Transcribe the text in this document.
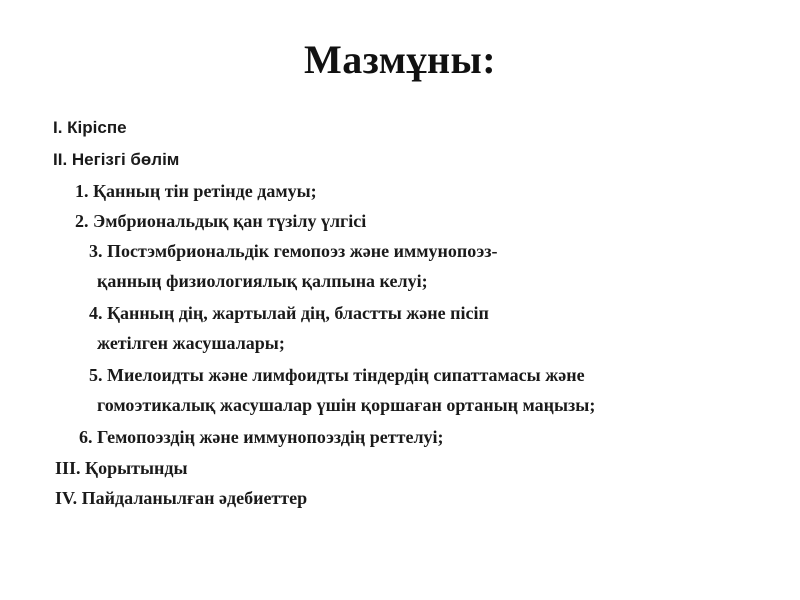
Мазмұны:
I. Кіріспе
II. Негізгі бөлім
1. Қанның тін ретінде дамуы;
2. Эмбриональдық қан түзілу үлгісі
3. Постэмбриональдік гемопоэз және иммунопоэз-
қанның физиологиялық қалпына келуі;
4. Қанның дің, жартылай дің, бластты және пісіп
жетілген жасушалары;
5. Миелоидты және лимфоидты тіндердің сипаттамасы және
гомоэтикалық жасушалар үшін қоршаған ортаның маңызы;
6. Гемопоэздің және иммунопоэздің реттелуі;
III. Қорытынды
IV. Пайдаланылған әдебиеттер
